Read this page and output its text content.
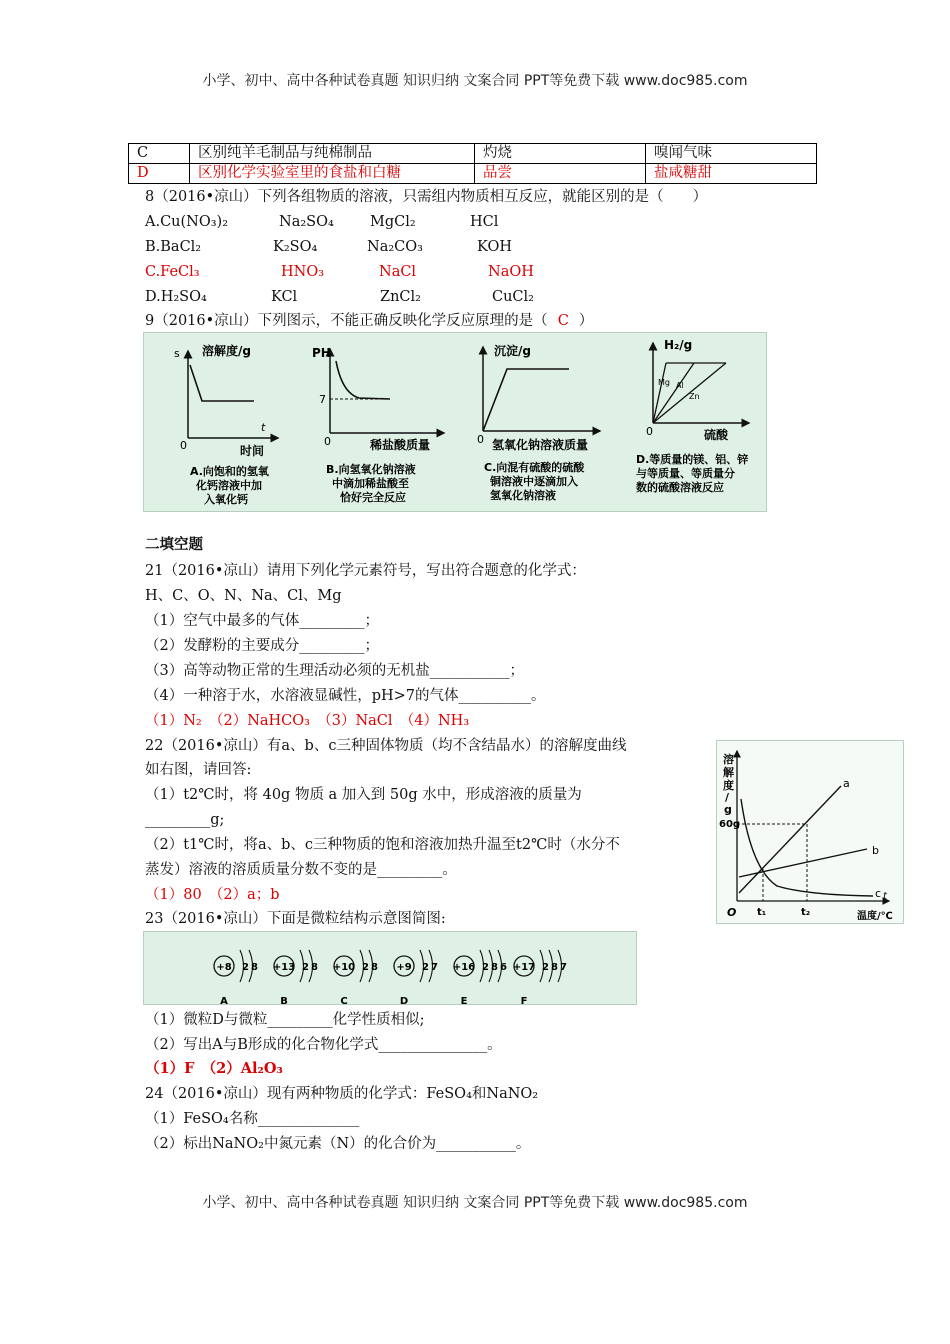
小学、初中、高中各种试卷真题 知识归纳 文案合同 PPT等免费下载 www.doc985.com
C	区别纯羊毛制品与纯棉制品	灼烧	嗅闻气味
D	区别化学实验室里的食盐和白糖	品尝	盐咸糖甜
8（2016•凉山）下列各组物质的溶液，只需组内物质相互反应，就能区别的是（　　）
A.Cu(NO₃)₂	Na₂SO₄ MgCl₂	HCl
B.BaCl₂	K₂SO₄	Na₂CO₃	KOH
C.FeCl₃	HNO₃	NaCl	NaOH
D.H₂SO₄	KCl	ZnCl₂	CuCl₂
9（2016•凉山）下列图示，不能正确反映化学反应原理的是（ C ）
s 溶解度/g
0
t
时间
A.向饱和的氢氧
化钙溶液中加
入氧化钙
PH
7
0	稀盐酸质量
B.向氢氧化钠溶液
中滴加稀盐酸至
恰好完全反应
沉淀/g
0 氢氧化钠溶液质量
C.向混有硫酸的硫酸
铜溶液中逐滴加入
氢氧化钠溶液
H₂/g
Mg Al
Zn
0	硫酸
D.等质量的镁、铝、锌
与等质量、等质量分
数的硫酸溶液反应
二填空题
21（2016•凉山）请用下列化学元素符号，写出符合题意的化学式：
H、C、O、N、Na、Cl、Mg
（1）空气中最多的气体_________；
（2）发酵粉的主要成分_________；
（3）高等动物正常的生理活动必须的无机盐___________；
（4）一种溶于水，水溶液显碱性，pH>7的气体__________。
（1）N₂　（2）NaHCO₃　（3）NaCl　（4）NH₃
22（2016•凉山）有a、b、c三种固体物质（均不含结晶水）的溶解度曲线
如右图，请回答:
（1）t2℃时，将 40g 物质 a 加入到 50g 水中，形成溶液的质量为
_________g;
（2）t1℃时，将a、b、c三种物质的饱和溶液加热升温至t2℃时（水分不
蒸发）溶液的溶质质量分数不变的是_________。
（1）80　（2）a；b
溶
解
度
/
g
60g
a
b
c t
O t₁	t₂	温度/℃
23（2016•凉山）下面是微粒结构示意图简图:
+8 2 8
A
+13 2 8
B
+10 2 8
C
+9 2 7
D
+16 2 8 6
E
+17 2 8 7
F
（1）微粒D与微粒_________化学性质相似;
（2）写出A与B形成的化合物化学式_______________。
（1）F　（2）Al₂O₃
24（2016•凉山）现有两种物质的化学式：FeSO₄和NaNO₂
（1）FeSO₄名称______________
（2）标出NaNO₂中氮元素（N）的化合价为___________。
小学、初中、高中各种试卷真题 知识归纳 文案合同 PPT等免费下载 www.doc985.com
